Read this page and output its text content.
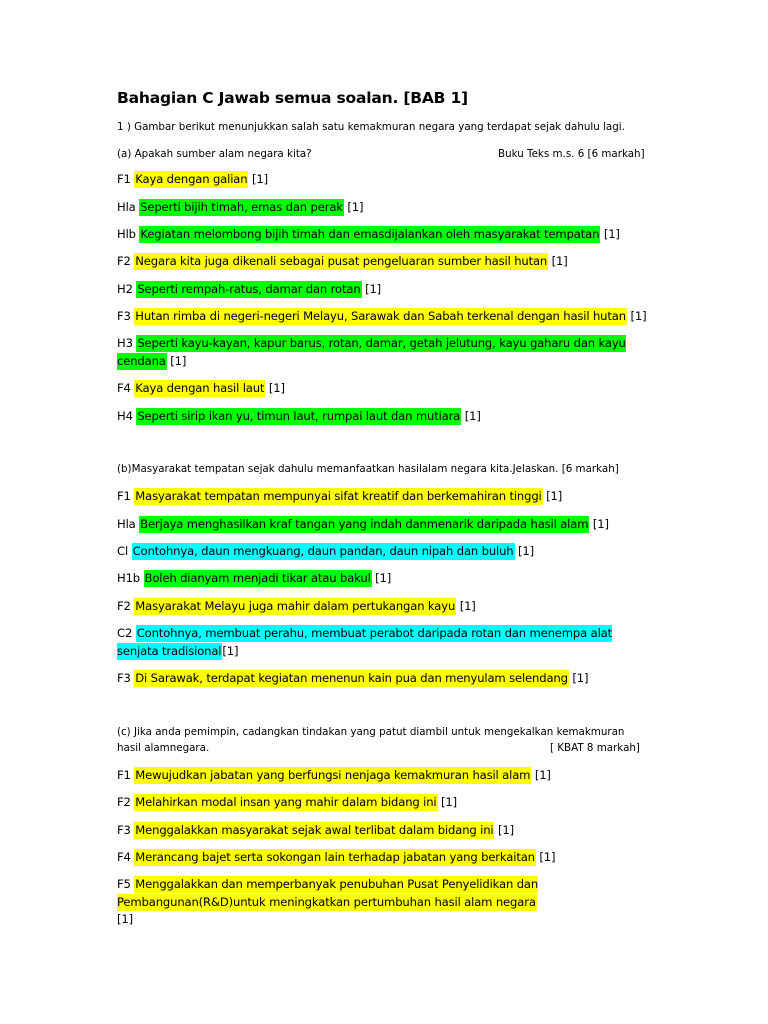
Bahagian C Jawab semua soalan. [BAB 1]
1 ) Gambar berikut menunjukkan salah satu kemakmuran negara yang terdapat sejak dahulu lagi.
(a) Apakah sumber alam negara kita?	Buku Teks m.s. 6 [6 markah]
F1 Kaya dengan galian [1]
Hla Seperti bijih timah, emas dan perak [1]
Hlb Kegiatan melombong bijih timah dan emasdijalankan oleh masyarakat tempatan [1]
F2 Negara kita juga dikenali sebagai pusat pengeluaran sumber hasil hutan [1]
H2 Seperti rempah-ratus, damar dan rotan [1]
F3 Hutan rimba di negeri-negeri Melayu, Sarawak dan Sabah terkenal dengan hasil hutan [1]
H3 Seperti kayu-kayan, kapur barus, rotan, damar, getah jelutung, kayu gaharu dan kayu cendana [1]
F4 Kaya dengan hasil laut [1]
H4 Seperti sirip ikan yu, timun laut, rumpai laut dan mutiara [1]
(b)Masyarakat tempatan sejak dahulu memanfaatkan hasilalam negara kita.Jelaskan. [6 markah]
F1 Masyarakat tempatan mempunyai sifat kreatif dan berkemahiran tinggi [1]
Hla Berjaya menghasilkan kraf tangan yang indah danmenarik daripada hasil alam [1]
Cl Contohnya, daun mengkuang, daun pandan, daun nipah dan buluh [1]
H1b Boleh dianyam menjadi tikar atau bakul [1]
F2 Masyarakat Melayu juga mahir dalam pertukangan kayu [1]
C2 Contohnya, membuat perahu, membuat perabot daripada rotan dan menempa alat senjata tradisional[1]
F3 Di Sarawak, terdapat kegiatan menenun kain pua dan menyulam selendang [1]
(c) Jika anda pemimpin, cadangkan tindakan yang patut diambil untuk mengekalkan kemakmuran
hasil alamnegara.	[ KBAT 8 markah]
F1 Mewujudkan jabatan yang berfungsi nenjaga kemakmuran hasil alam [1]
F2 Melahirkan modal insan yang mahir dalam bidang ini [1]
F3 Menggalakkan masyarakat sejak awal terlibat dalam bidang ini [1]
F4 Merancang bajet serta sokongan lain terhadap jabatan yang berkaitan [1]
F5 Menggalakkan dan memperbanyak penubuhan Pusat Penyelidikan dan Pembangunan(R&D)untuk meningkatkan pertumbuhan hasil alam negara [1]
